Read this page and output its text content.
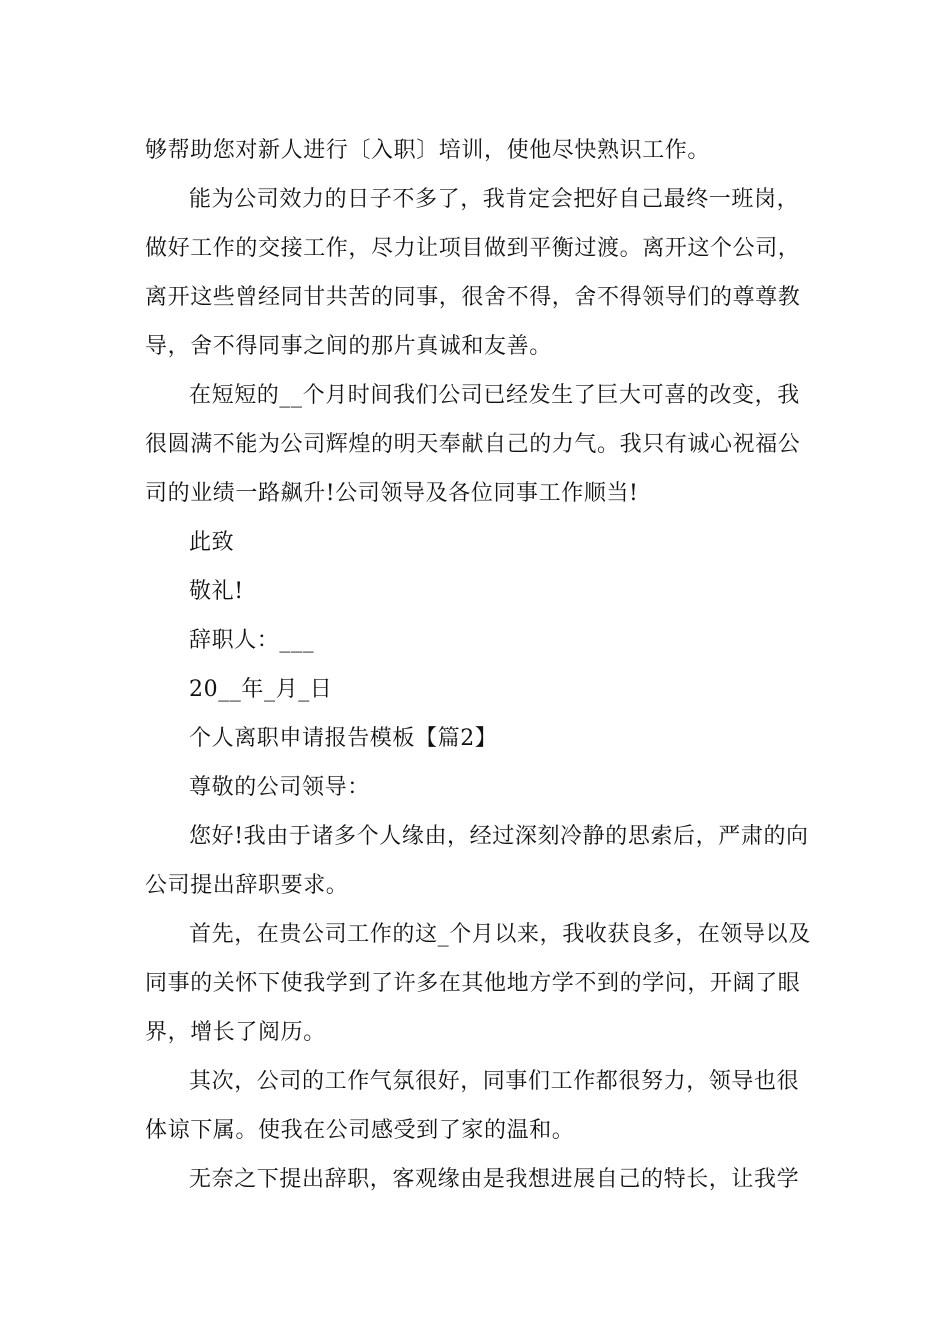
够帮助您对新人进行〔入职〕培训，使他尽快熟识工作。
能为公司效力的日子不多了，我肯定会把好自己最终一班岗，
做好工作的交接工作，尽力让项目做到平衡过渡。离开这个公司，
离开这些曾经同甘共苦的同事，很舍不得，舍不得领导们的尊尊教
导，舍不得同事之间的那片真诚和友善。
在短短的__个月时间我们公司已经发生了巨大可喜的改变，我
很圆满不能为公司辉煌的明天奉献自己的力气。我只有诚心祝福公
司的业绩一路飙升!公司领导及各位同事工作顺当!
此致
敬礼!
辞职人：___
20__年_月_日
个人离职申请报告模板【篇2】
尊敬的公司领导：
您好!我由于诸多个人缘由，经过深刻冷静的思索后，严肃的向
公司提出辞职要求。
首先，在贵公司工作的这_个月以来，我收获良多，在领导以及
同事的关怀下使我学到了许多在其他地方学不到的学问，开阔了眼
界，增长了阅历。
其次，公司的工作气氛很好，同事们工作都很努力，领导也很
体谅下属。使我在公司感受到了家的温和。
无奈之下提出辞职，客观缘由是我想进展自己的特长，让我学
